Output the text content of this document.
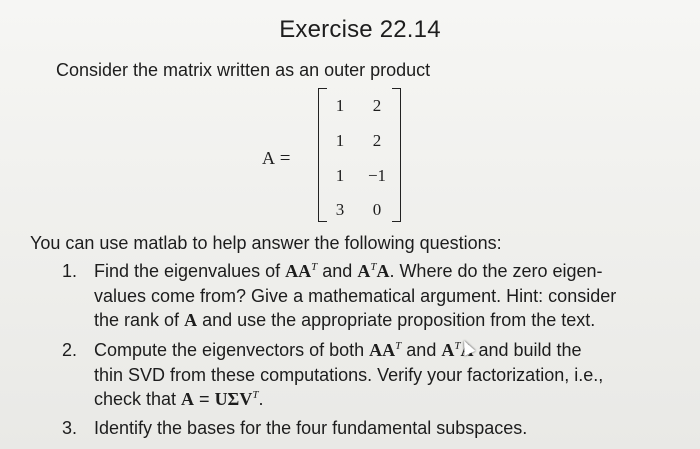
Exercise 22.14
Consider the matrix written as an outer product
A =
1	2
1	2
1	−1
3	0
You can use matlab to help answer the following questions:
1. Find the eigenvalues of $AA^T$ and $A^TA$. Where do the zero eigen-
values come from? Give a mathematical argument. Hint: consider
the rank of A and use the appropriate proposition from the text.
2. Compute the eigenvectors of both $AA^T$ and $A^TA$ and build the
thin SVD from these computations. Verify your factorization, i.e.,
check that $A = U\Sigma V^T$.
3. Identify the bases for the four fundamental subspaces.
